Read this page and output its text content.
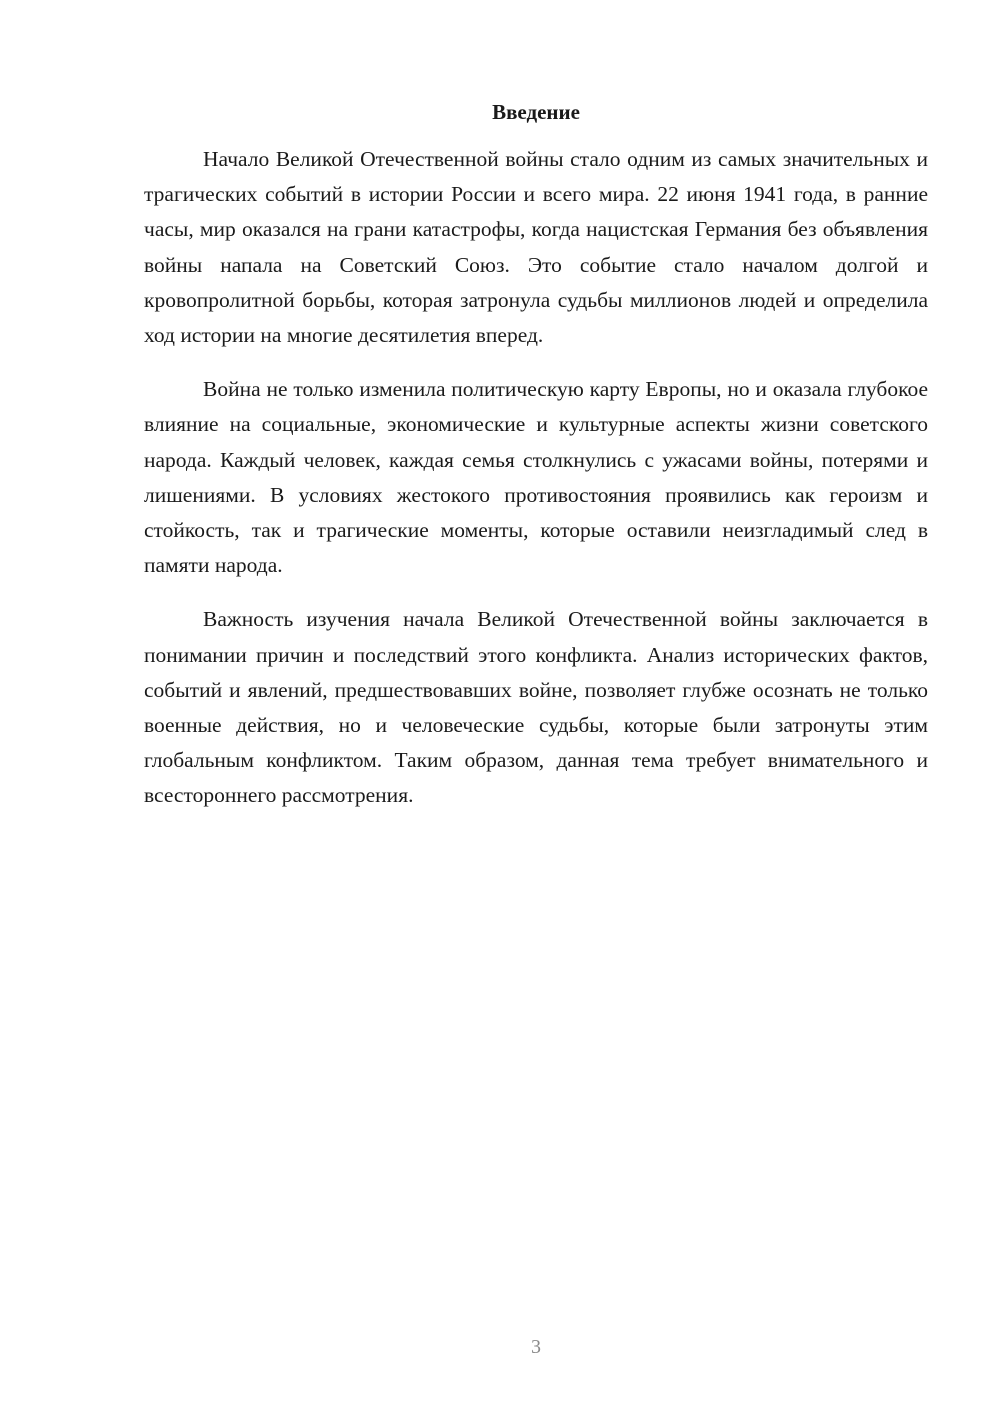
Введение

Начало Великой Отечественной войны стало одним из самых значительных и трагических событий в истории России и всего мира. 22 июня 1941 года, в ранние часы, мир оказался на грани катастрофы, когда нацистская Германия без объявления войны напала на Советский Союз. Это событие стало началом долгой и кровопролитной борьбы, которая затронула судьбы миллионов людей и определила ход истории на многие десятилетия вперед.

Война не только изменила политическую карту Европы, но и оказала глубокое влияние на социальные, экономические и культурные аспекты жизни советского народа. Каждый человек, каждая семья столкнулись с ужасами войны, потерями и лишениями. В условиях жестокого противостояния проявились как героизм и стойкость, так и трагические моменты, которые оставили неизгладимый след в памяти народа.

Важность изучения начала Великой Отечественной войны заключается в понимании причин и последствий этого конфликта. Анализ исторических фактов, событий и явлений, предшествовавших войне, позволяет глубже осознать не только военные действия, но и человеческие судьбы, которые были затронуты этим глобальным конфликтом. Таким образом, данная тема требует внимательного и всестороннего рассмотрения.

3
